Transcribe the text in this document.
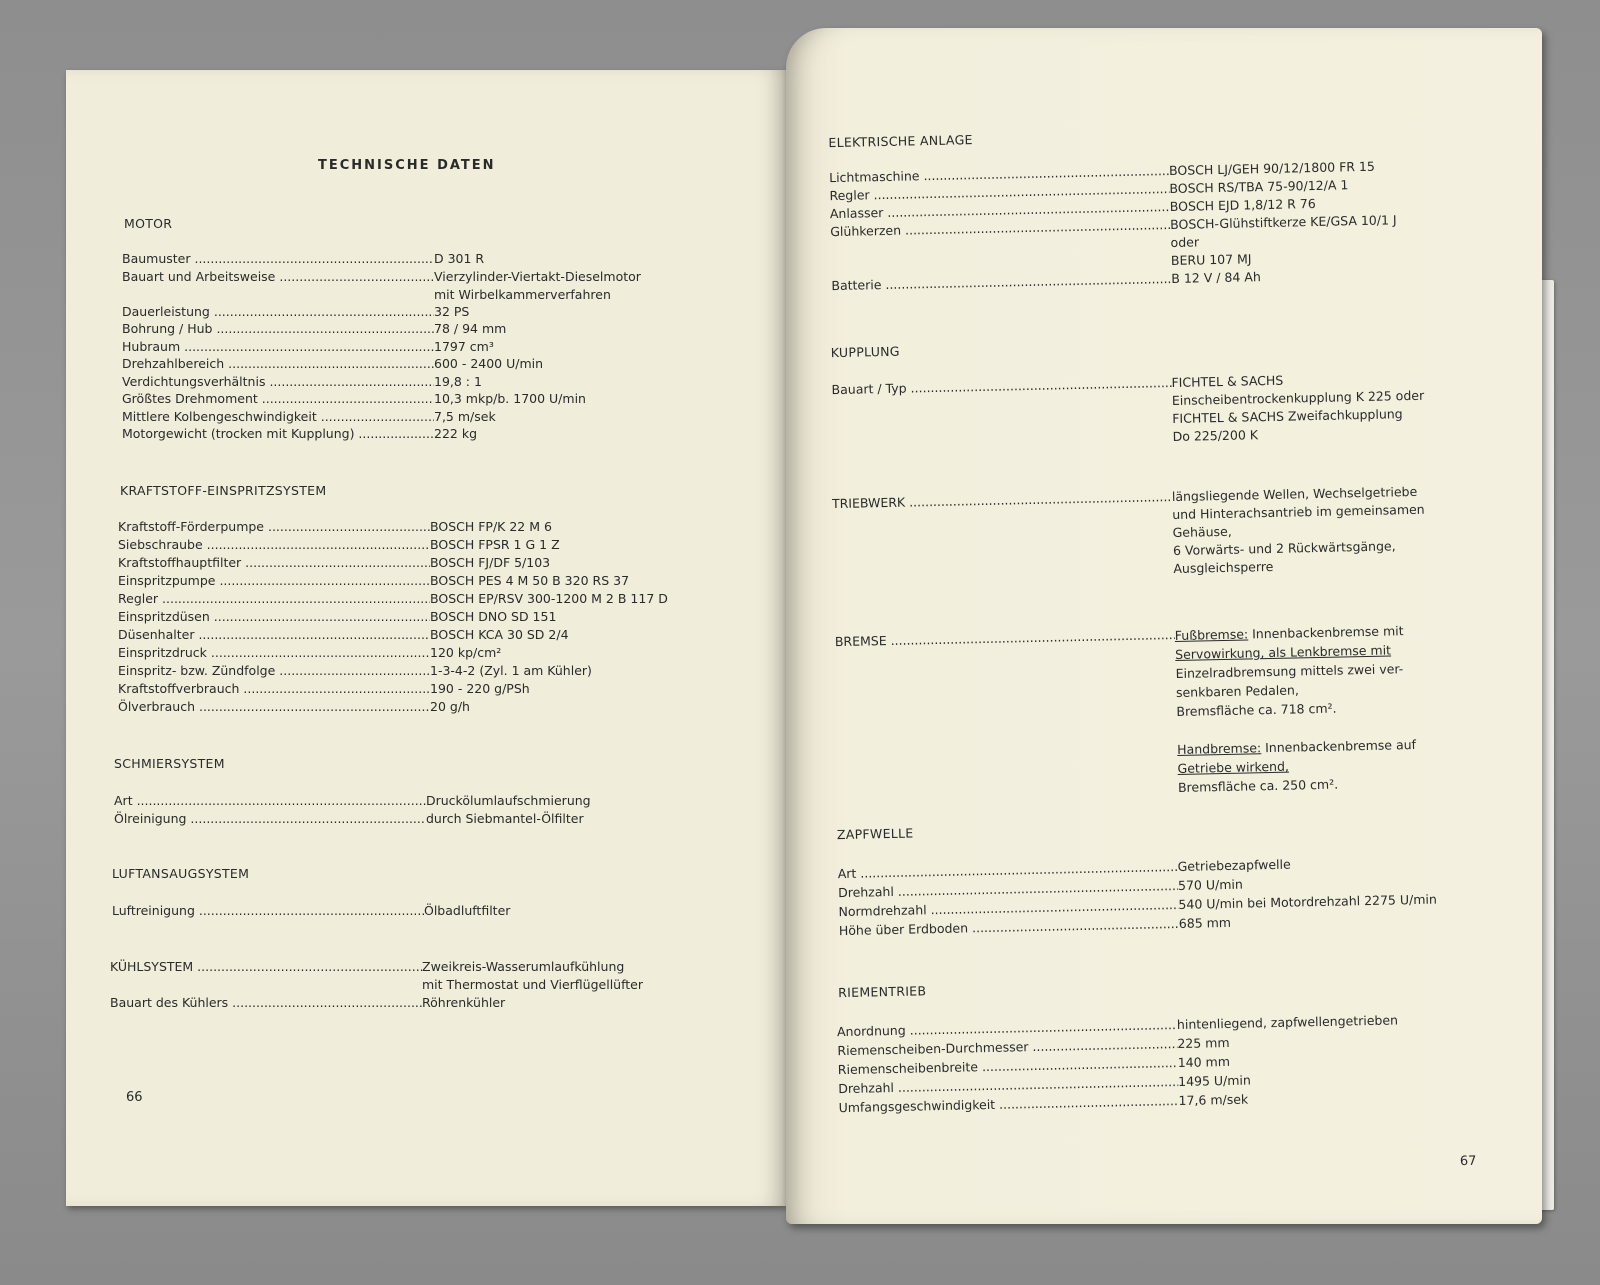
TECHNISCHE DATEN
66
MOTOR
Baumuster .....	D 301 R
Bauart und Arbeitsweise .....	Vierzylinder-Viertakt-Dieselmotor
mit Wirbelkammerverfahren
Dauerleistung .....	32 PS
Bohrung / Hub .....	78 / 94 mm
Hubraum .....	1797 cm³
Drehzahlbereich .....	600 - 2400 U/min
Verdichtungsverhältnis .....	19,8 : 1
Größtes Drehmoment .....	10,3 mkp/b. 1700 U/min
Mittlere Kolbengeschwindigkeit .....	7,5 m/sek
Motorgewicht (trocken mit Kupplung) .....	222 kg
KRAFTSTOFF-EINSPRITZSYSTEM
Kraftstoff-Förderpumpe .....	BOSCH FP/K 22 M 6
Siebschraube .....	BOSCH FPSR 1 G 1 Z
Kraftstoffhauptfilter .....	BOSCH FJ/DF 5/103
Einspritzpumpe .....	BOSCH PES 4 M 50 B 320 RS 37
Regler .....	BOSCH EP/RSV 300-1200 M 2 B 117 D
Einspritzdüsen .....	BOSCH DNO SD 151
Düsenhalter .....	BOSCH KCA 30 SD 2/4
Einspritzdruck .....	120 kp/cm²
Einspritz- bzw. Zündfolge .....	1-3-4-2 (Zyl. 1 am Kühler)
Kraftstoffverbrauch .....	190 - 220 g/PSh
Ölverbrauch .....	20 g/h
SCHMIERSYSTEM
Art .....	Druckölumlaufschmierung
Ölreinigung .....	durch Siebmantel-Ölfilter
LUFTANSAUGSYSTEM
Luftreinigung .....	Ölbadluftfilter
KÜHLSYSTEM .....	Zweikreis-Wasserumlaufkühlung
mit Thermostat und Vierflügellüfter
Bauart des Kühlers .....	Röhrenkühler
67
ELEKTRISCHE ANLAGE
Lichtmaschine .....	BOSCH LJ/GEH 90/12/1800 FR 15
Regler .....	BOSCH RS/TBA 75-90/12/A 1
Anlasser .....	BOSCH EJD 1,8/12 R 76
Glühkerzen .....	BOSCH-Glühstiftkerze KE/GSA 10/1 J
oder
BERU 107 MJ
Batterie .....	B 12 V / 84 Ah
KUPPLUNG
Bauart / Typ .....	FICHTEL & SACHS
Einscheibentrockenkupplung K 225 oder
FICHTEL & SACHS Zweifachkupplung
Do 225/200 K
TRIEBWERK .....	längsliegende Wellen, Wechselgetriebe
und Hinterachsantrieb im gemeinsamen
Gehäuse,
6 Vorwärts- und 2 Rückwärtsgänge,
Ausgleichsperre
BREMSE .....	Fußbremse: Innenbackenbremse mit
Servowirkung, als Lenkbremse mit
Einzelradbremsung mittels zwei ver-
senkbaren Pedalen,
Bremsfläche ca. 718 cm².
Handbremse: Innenbackenbremse auf
Getriebe wirkend,
Bremsfläche ca. 250 cm².
ZAPFWELLE
Art .....	Getriebezapfwelle
Drehzahl .....	570 U/min
Normdrehzahl .....	540 U/min bei Motordrehzahl 2275 U/min
Höhe über Erdboden .....	685 mm
RIEMENTRIEB
Anordnung .....	hintenliegend, zapfwellengetrieben
Riemenscheiben-Durchmesser .....	225 mm
Riemenscheibenbreite .....	140 mm
Drehzahl .....	1495 U/min
Umfangsgeschwindigkeit .....	17,6 m/sek
